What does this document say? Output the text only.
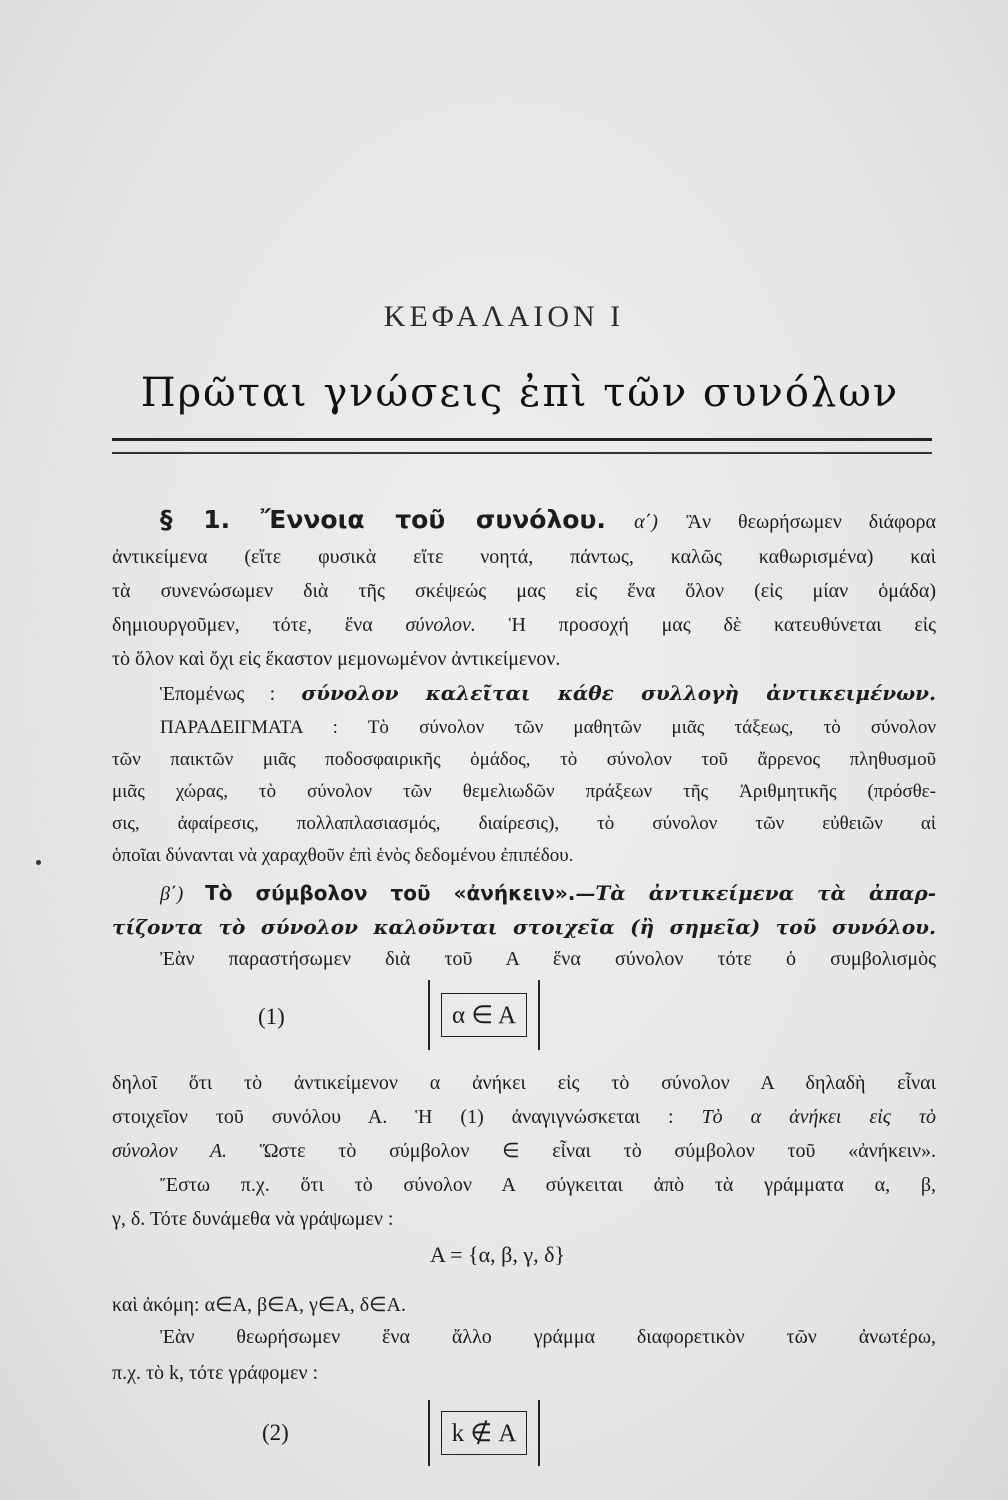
ΚΕΦΑΛΑΙΟΝ Ι
Πρῶται γνώσεις ἐπὶ τῶν συνόλων
§ 1. Ἔννοια τοῦ συνόλου. α΄) Ἂν θεωρήσωμεν διάφορα
ἀντικείμενα (εἴτε φυσικὰ εἴτε νοητά, πάντως, καλῶς καθωρισμένα) καὶ
τὰ συνενώσωμεν διὰ τῆς σκέψεώς μας εἰς ἕνα ὅλον (εἰς μίαν ὁμάδα)
δημιουργοῦμεν, τότε, ἕνα σύνολον. Ἡ προσοχή μας δὲ κατευθύνεται εἰς
τὸ ὅλον καὶ ὄχι εἰς ἕκαστον μεμονωμένον ἀντικείμενον.
Ἑπομένως : σύνολον καλεῖται κάθε συλλογὴ ἀντικειμένων.
ΠΑΡΑΔΕΙΓΜΑΤΑ : Τὸ σύνολον τῶν μαθητῶν μιᾶς τάξεως, τὸ σύνολον
τῶν παικτῶν μιᾶς ποδοσφαιρικῆς ὁμάδος, τὸ σύνολον τοῦ ἄρρενος πληθυσμοῦ
μιᾶς χώρας, τὸ σύνολον τῶν θεμελιωδῶν πράξεων τῆς Ἀριθμητικῆς (πρόσθε-
σις, ἀφαίρεσις, πολλαπλασιασμός, διαίρεσις), τὸ σύνολον τῶν εὐθειῶν αἱ
ὁποῖαι δύνανται νὰ χαραχθοῦν ἐπὶ ἑνὸς δεδομένου ἐπιπέδου.
β΄) Τὸ σύμβολον τοῦ «ἀνήκειν».—Τὰ ἀντικείμενα τὰ ἀπαρ-
τίζοντα τὸ σύνολον καλοῦνται στοιχεῖα (ἢ σημεῖα) τοῦ συνόλου.
Ἐὰν παραστήσωμεν διὰ τοῦ Α ἕνα σύνολον τότε ὁ συμβολισμὸς
(1)	α ∈ Α
δηλοῖ ὅτι τὸ ἀντικείμενον α ἀνήκει εἰς τὸ σύνολον Α δηλαδὴ εἶναι
στοιχεῖον τοῦ συνόλου Α. Ἡ (1) ἀναγιγνώσκεται : Τὸ α ἀνήκει εἰς τὸ
σύνολον Α. Ὥστε τὸ σύμβολον ∈ εἶναι τὸ σύμβολον τοῦ «ἀνήκειν».
Ἔστω π.χ. ὅτι τὸ σύνολον Α σύγκειται ἀπὸ τὰ γράμματα α, β,
γ, δ. Τότε δυνάμεθα νὰ γράψωμεν :
Α = {α, β, γ, δ}
καὶ ἀκόμη: α∈Α, β∈Α, γ∈Α, δ∈Α.
Ἐὰν θεωρήσωμεν ἕνα ἄλλο γράμμα διαφορετικὸν τῶν ἀνωτέρω,
π.χ. τὸ k, τότε γράφομεν :
(2)	k ∉ Α
